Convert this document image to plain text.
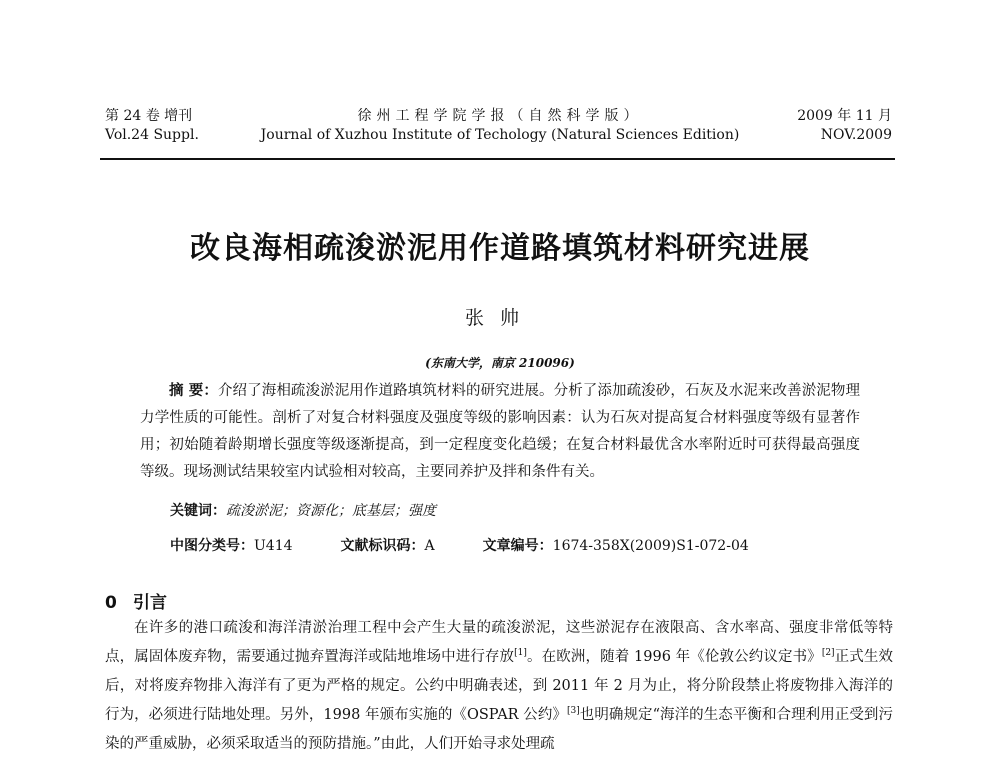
第 24 卷 增刊
Vol.24 Suppl.
徐州工程学院学报（自然科学版）
Journal of Xuzhou Institute of Techology (Natural Sciences Edition)
2009 年 11 月
NOV.2009
改良海相疏浚淤泥用作道路填筑材料研究进展
张帅
(东南大学，南京 210096)
摘 要：介绍了海相疏浚淤泥用作道路填筑材料的研究进展。分析了添加疏浚砂，石灰及水泥来改善淤泥物理力学性质的可能性。剖析了对复合材料强度及强度等级的影响因素：认为石灰对提高复合材料强度等级有显著作用；初始随着龄期增长强度等级逐渐提高，到一定程度变化趋缓；在复合材料最优含水率附近时可获得最高强度等级。现场测试结果较室内试验相对较高，主要同养护及拌和条件有关。
关键词：疏浚淤泥；资源化；底基层；强度
中图分类号：U414	文献标识码：A	文章编号：1674-358X(2009)S1-072-04
0 引言
在许多的港口疏浚和海洋清淤治理工程中会产生大量的疏浚淤泥，这些淤泥存在液限高、含水率高、强度非常低等特点，属固体废弃物，需要通过抛弃置海洋或陆地堆场中进行存放[1]。在欧洲，随着 1996 年《伦敦公约议定书》[2]正式生效后，对将废弃物排入海洋有了更为严格的规定。公约中明确表述，到 2011 年 2 月为止，将分阶段禁止将废物排入海洋的行为，必须进行陆地处理。另外，1998 年颁布实施的《OSPAR 公约》[3]也明确规定“海洋的生态平衡和合理利用正受到污染的严重威胁，必须采取适当的预防措施。”由此，人们开始寻求处理疏
